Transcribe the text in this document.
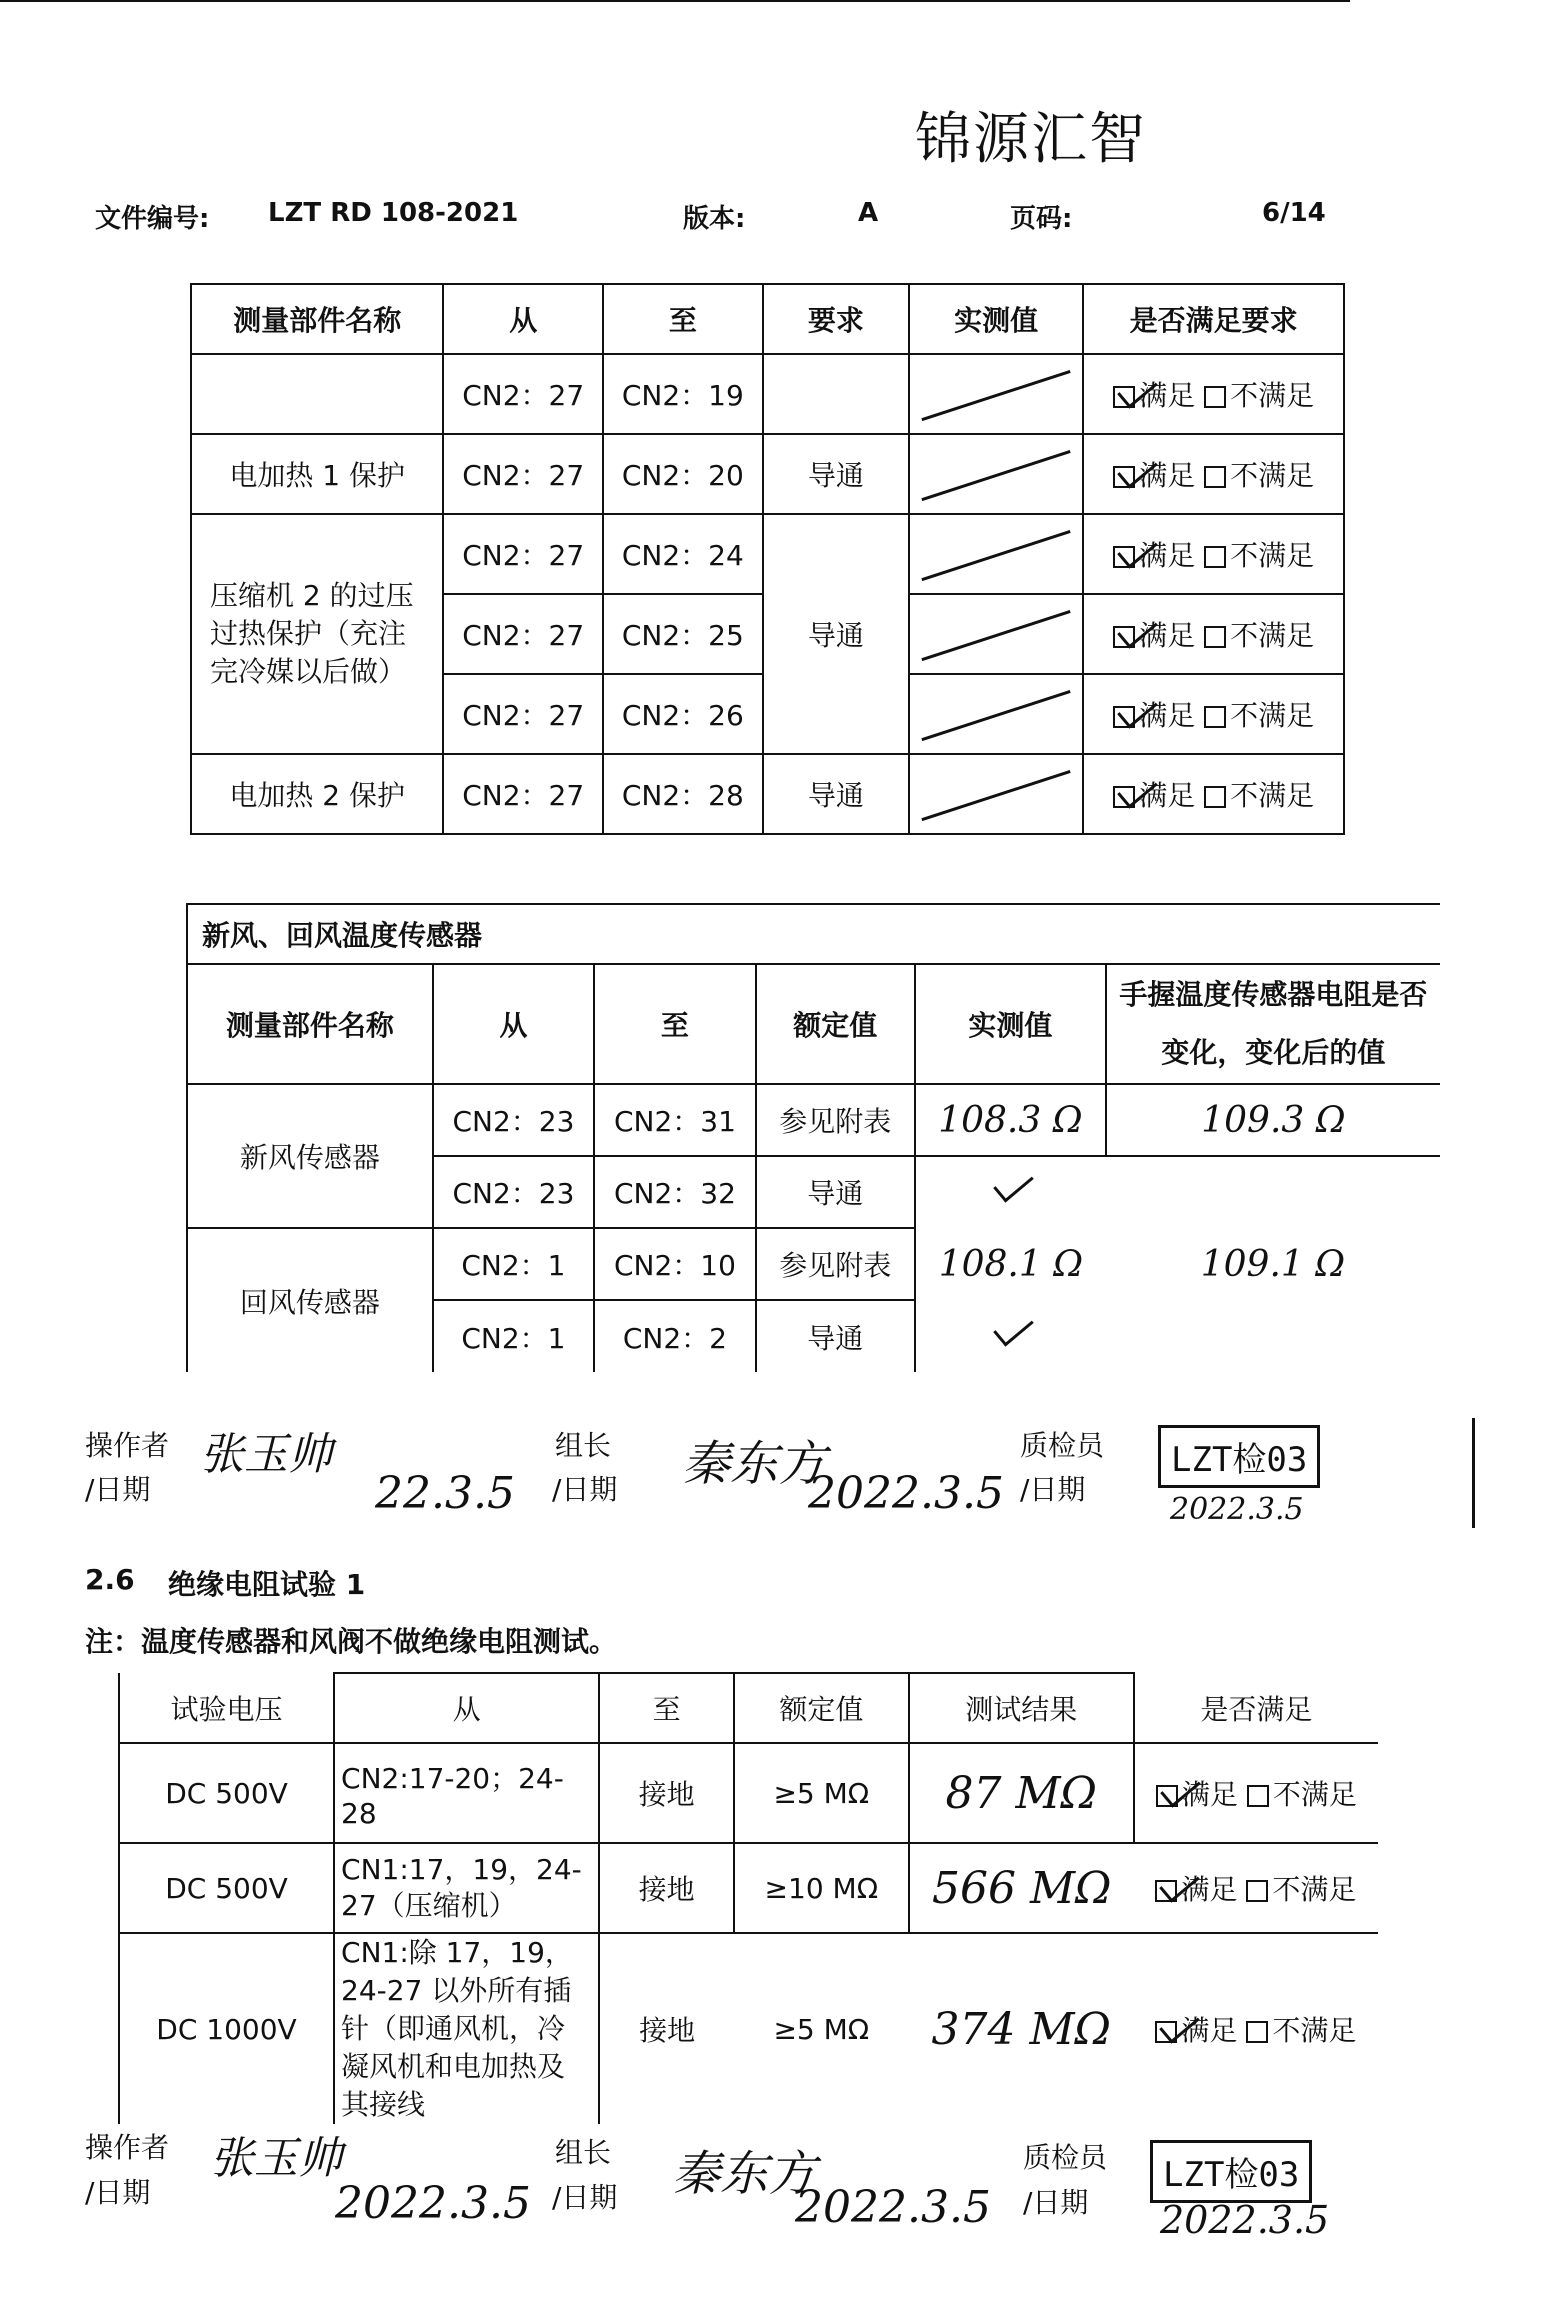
锦源汇智
文件编号: LZT RD 108-2021	版本:	A	页码:	6/14
测量部件名称	从	至	要求	实测值	是否满足要求
	CN2：27	CN2：19			满足 不满足
电加热 1 保护	CN2：27	CN2：20	导通		满足 不满足
压缩机 2 的过压过热保护（充注完冷媒以后做）	CN2：27	CN2：24	导通		满足 不满足
	CN2：27	CN2：25			满足 不满足
	CN2：27	CN2：26			满足 不满足
电加热 2 保护	CN2：27	CN2：28	导通		满足 不满足
新风、回风温度传感器					
测量部件名称	从	至	额定值	实测值	手握温度传感器电阻是否变化，变化后的值
新风传感器	CN2：23	CN2：31	参见附表	108.3 Ω	109.3 Ω
	CN2：23	CN2：32	导通		
回风传感器	CN2：1	CN2：10	参见附表	108.1 Ω	109.1 Ω
	CN2：1	CN2：2	导通		
操作者
/日期
张玉帅
22.3.5
组长
/日期 秦东方
2022.3.5
质检员
/日期
LZT检03
2022.3.5
2.6 绝缘电阻试验 1
注：温度传感器和风阀不做绝缘电阻测试。
试验电压	从	至	额定值	测试结果	是否满足
DC 500V	CN2:17-20；24-28	接地	≥5 MΩ	87 MΩ	满足 不满足
DC 500V	CN1:17，19，24-27（压缩机）	接地	≥10 MΩ	566 MΩ	满足 不满足
DC 1000V	CN1:除 17，19，24-27 以外所有插针（即通风机，冷凝风机和电加热及其接线	接地	≥5 MΩ	374 MΩ	满足 不满足
操作者
/日期
张玉帅
2022.3.5
组长
/日期 秦东方
2022.3.5
质检员
/日期
LZT检03
2022.3.5
